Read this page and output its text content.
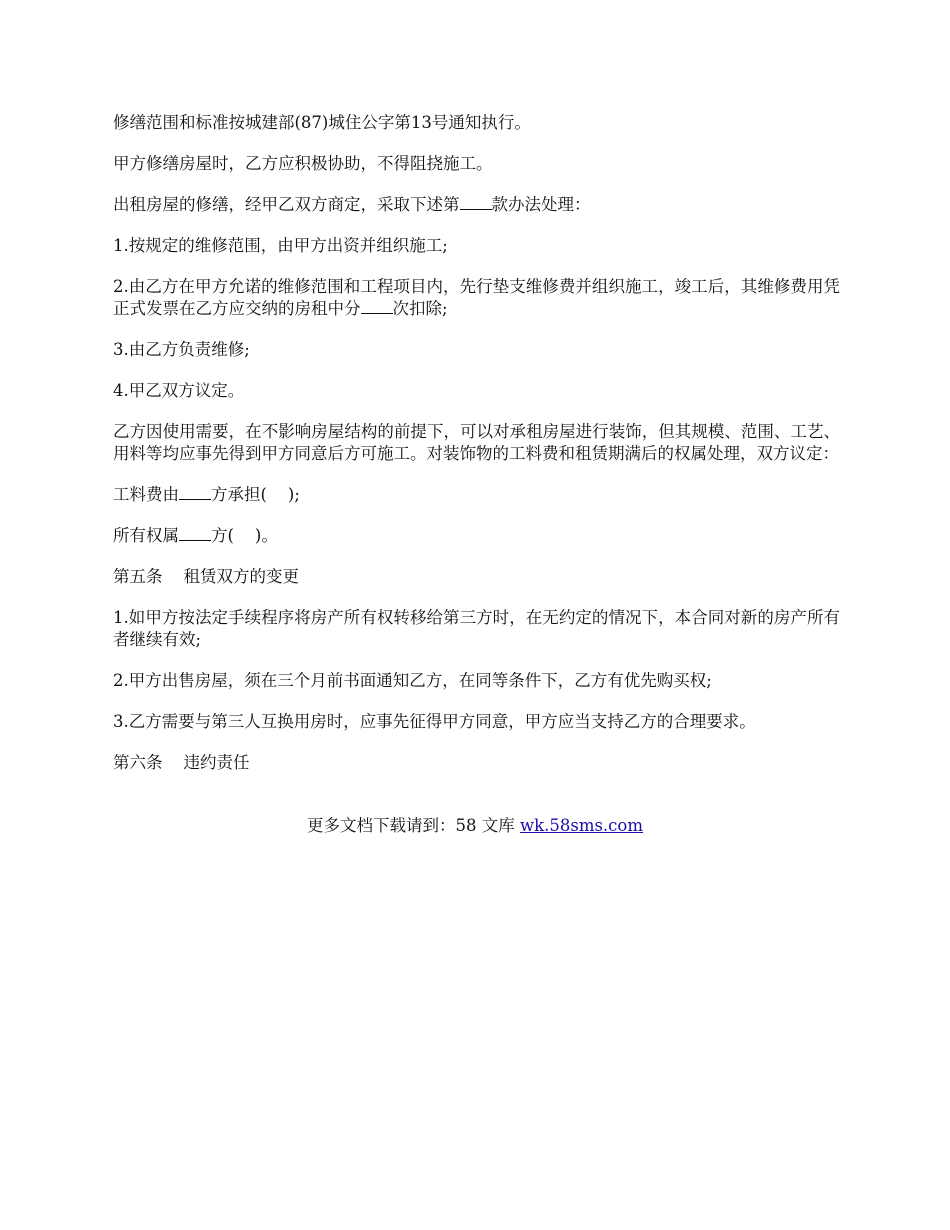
修缮范围和标准按城建部(87)城住公字第13号通知执行。

甲方修缮房屋时，乙方应积极协助，不得阻挠施工。

出租房屋的修缮，经甲乙双方商定，采取下述第 款办法处理：

1.按规定的维修范围，由甲方出资并组织施工;

2.由乙方在甲方允诺的维修范围和工程项目内，先行垫支维修费并组织施工，竣工后，其维修费用凭正式发票在乙方应交纳的房租中分 次扣除;

3.由乙方负责维修;

4.甲乙双方议定。

乙方因使用需要，在不影响房屋结构的前提下，可以对承租房屋进行装饰，但其规模、范围、工艺、用料等均应事先得到甲方同意后方可施工。对装饰物的工料费和租赁期满后的权属处理，双方议定：

工料费由 方承担(    );

所有权属 方(    )。

第五条    租赁双方的变更

1.如甲方按法定手续程序将房产所有权转移给第三方时，在无约定的情况下，本合同对新的房产所有者继续有效;

2.甲方出售房屋，须在三个月前书面通知乙方，在同等条件下，乙方有优先购买权;

3.乙方需要与第三人互换用房时，应事先征得甲方同意，甲方应当支持乙方的合理要求。

第六条    违约责任

更多文档下载请到：58 文库 wk.58sms.com
